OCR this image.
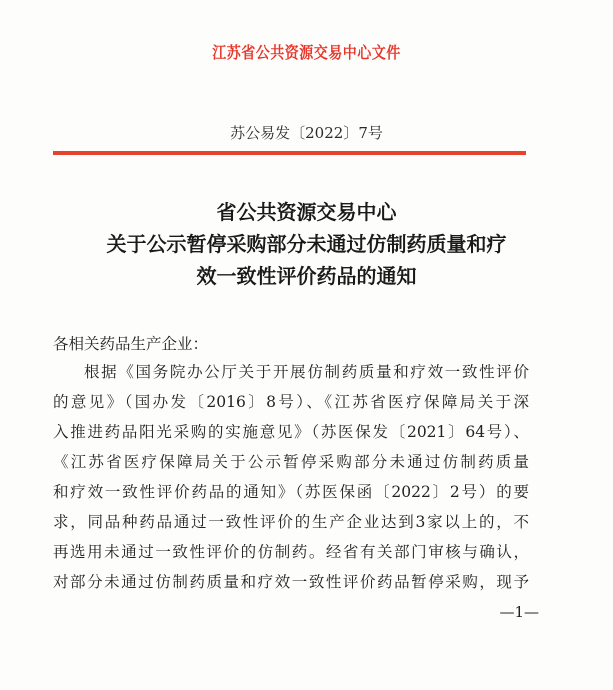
江苏省公共资源交易中心文件
苏公易发〔2022〕7号
省公共资源交易中心
关于公示暂停采购部分未通过仿制药质量和疗
效一致性评价药品的通知
各相关药品生产企业：
根据《国务院办公厅关于开展仿制药质量和疗效一致性评价
的意见》（国办发〔2016〕8号）、《江苏省医疗保障局关于深
入推进药品阳光采购的实施意见》（苏医保发〔2021〕64号）、
《江苏省医疗保障局关于公示暂停采购部分未通过仿制药质量
和疗效一致性评价药品的通知》（苏医保函〔2022〕2号）的要
求，同品种药品通过一致性评价的生产企业达到3家以上的，不
再选用未通过一致性评价的仿制药。经省有关部门审核与确认，
对部分未通过仿制药质量和疗效一致性评价药品暂停采购，现予
—1—
